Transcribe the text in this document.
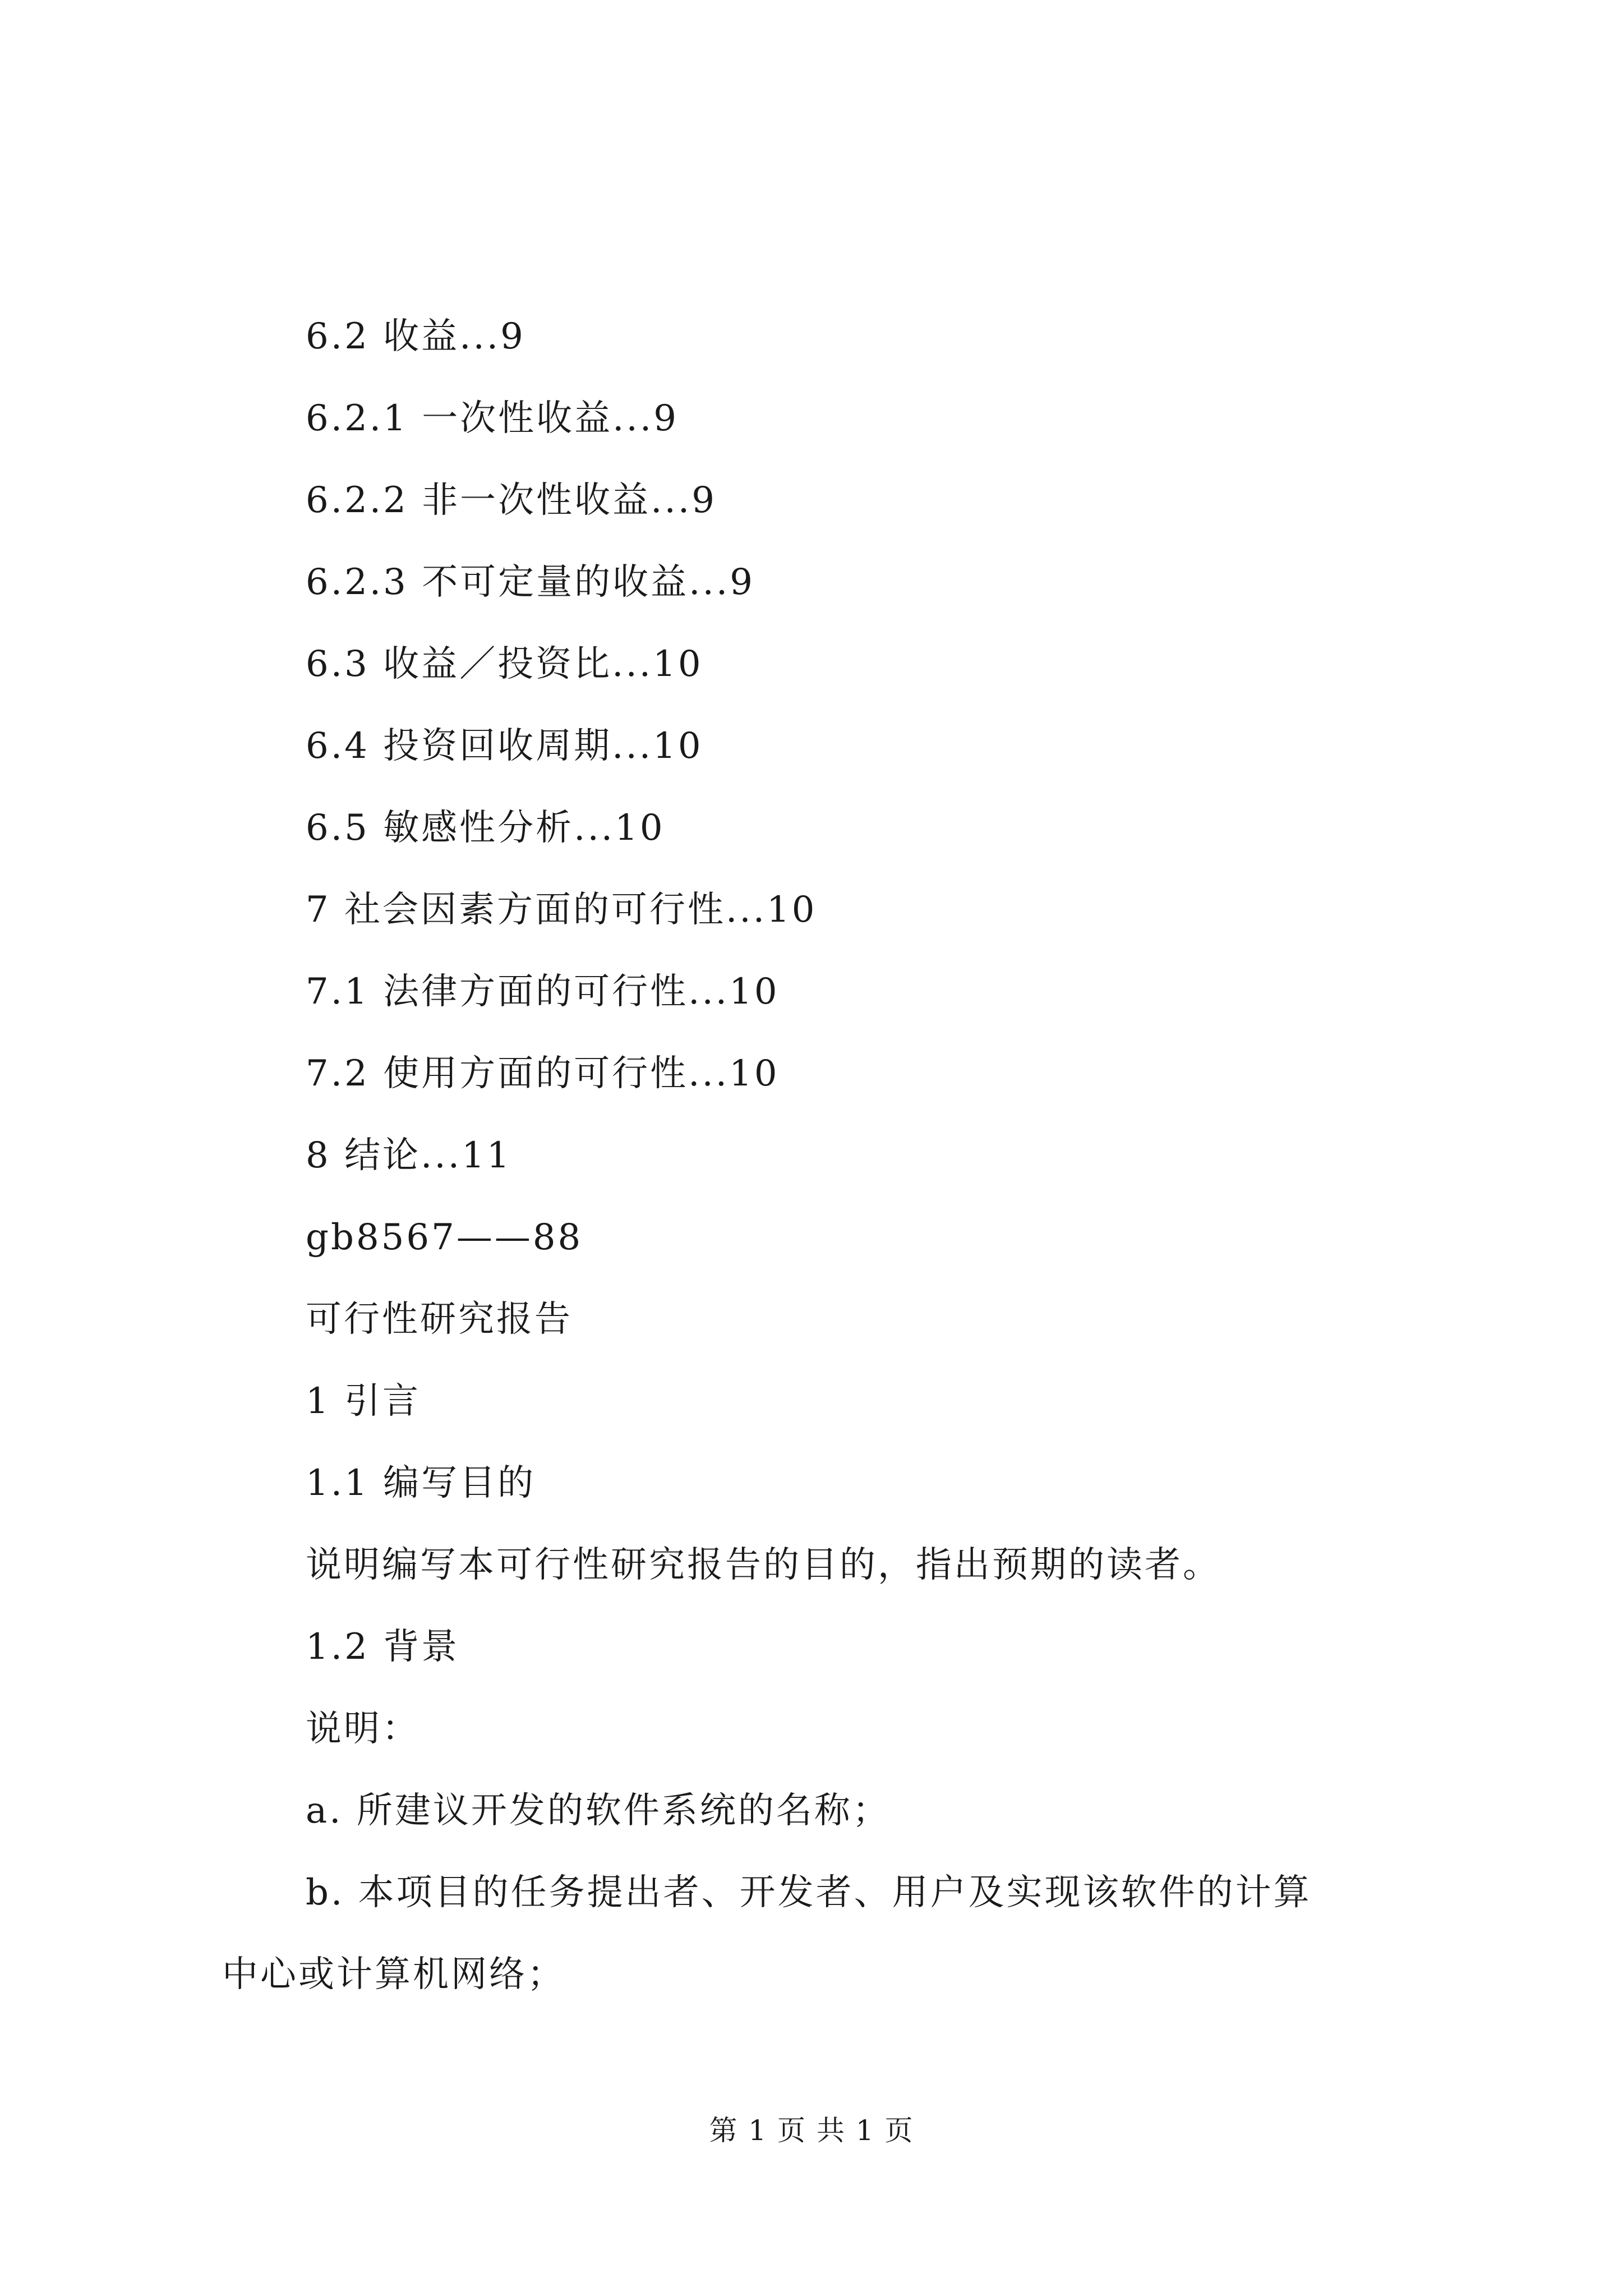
6.2 收益...9
6.2.1 一次性收益...9
6.2.2 非一次性收益...9
6.2.3 不可定量的收益...9
6.3 收益／投资比...10
6.4 投资回收周期...10
6.5 敏感性分析...10
7 社会因素方面的可行性...10
7.1 法律方面的可行性...10
7.2 使用方面的可行性...10
8 结论...11
gb8567——88
可行性研究报告
1 引言
1.1 编写目的
说明编写本可行性研究报告的目的，指出预期的读者。
1.2 背景
说明：
a. 所建议开发的软件系统的名称；
b. 本项目的任务提出者、开发者、用户及实现该软件的计算
中心或计算机网络；
第 1 页 共 1 页
